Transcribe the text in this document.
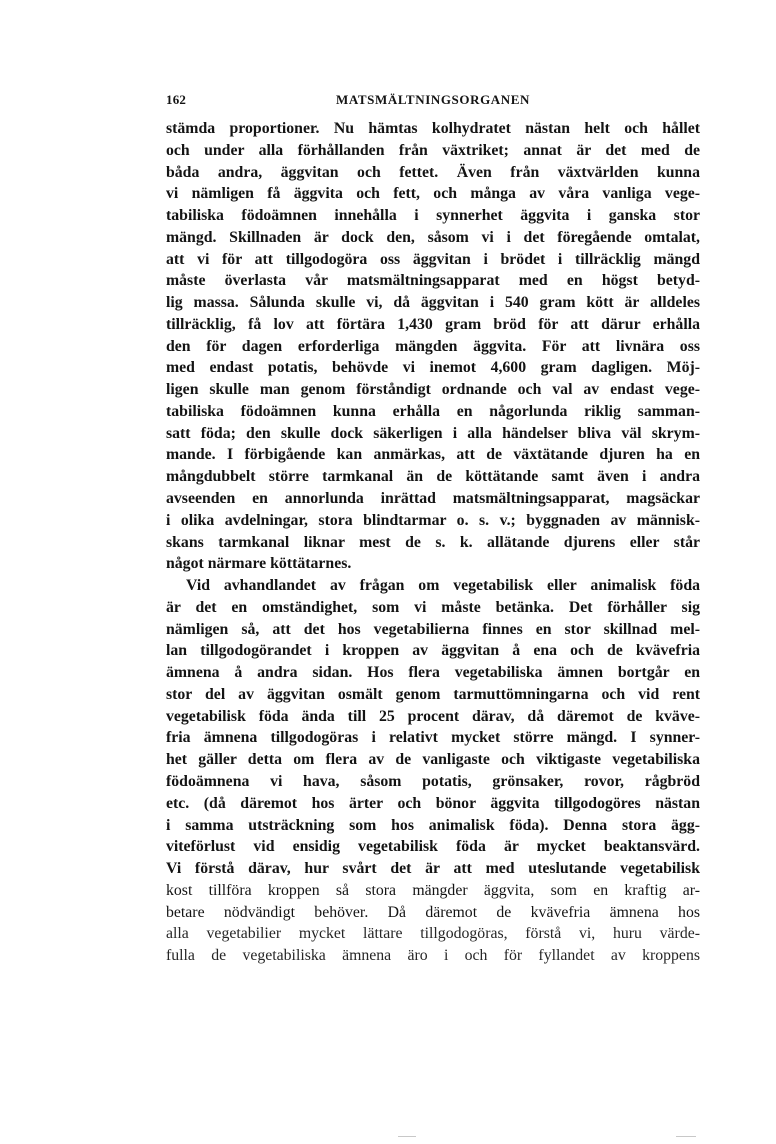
162	MATSMÄLTNINGSORGANEN
stämda proportioner. Nu hämtas kolhydratet nästan helt och hållet
och under alla förhållanden från växtriket; annat är det med de
båda andra, äggvitan och fettet. Även från växtvärlden kunna
vi nämligen få äggvita och fett, och många av våra vanliga vege-
tabiliska födoämnen innehålla i synnerhet äggvita i ganska stor
mängd. Skillnaden är dock den, såsom vi i det föregående omtalat,
att vi för att tillgodogöra oss äggvitan i brödet i tillräcklig mängd
måste överlasta vår matsmältningsapparat med en högst betyd-
lig massa. Sålunda skulle vi, då äggvitan i 540 gram kött är alldeles
tillräcklig, få lov att förtära 1,430 gram bröd för att därur erhålla
den för dagen erforderliga mängden äggvita. För att livnära oss
med endast potatis, behövde vi inemot 4,600 gram dagligen. Möj-
ligen skulle man genom förståndigt ordnande och val av endast vege-
tabiliska födoämnen kunna erhålla en någorlunda riklig samman-
satt föda; den skulle dock säkerligen i alla händelser bliva väl skrym-
mande. I förbigående kan anmärkas, att de växtätande djuren ha en
mångdubbelt större tarmkanal än de köttätande samt även i andra
avseenden en annorlunda inrättad matsmältningsapparat, magsäckar
i olika avdelningar, stora blindtarmar o. s. v.; byggnaden av människ-
skans tarmkanal liknar mest de s. k. allätande djurens eller står
något närmare köttätarnes.
Vid avhandlandet av frågan om vegetabilisk eller animalisk föda
är det en omständighet, som vi måste betänka. Det förhåller sig
nämligen så, att det hos vegetabilierna finnes en stor skillnad mel-
lan tillgodogörandet i kroppen av äggvitan å ena och de kvävefria
ämnena å andra sidan. Hos flera vegetabiliska ämnen bortgår en
stor del av äggvitan osmält genom tarmuttömningarna och vid rent
vegetabilisk föda ända till 25 procent därav, då däremot de kväve-
fria ämnena tillgodogöras i relativt mycket större mängd. I synner-
het gäller detta om flera av de vanligaste och viktigaste vegetabiliska
födoämnena vi hava, såsom potatis, grönsaker, rovor, rågbröd
etc. (då däremot hos ärter och bönor äggvita tillgodogöres nästan
i samma utsträckning som hos animalisk föda). Denna stora ägg-
viteförlust vid ensidig vegetabilisk föda är mycket beaktansvärd.
Vi förstå därav, hur svårt det är att med uteslutande vegetabilisk
kost tillföra kroppen så stora mängder äggvita, som en kraftig ar-
betare nödvändigt behöver. Då däremot de kvävefria ämnena hos
alla vegetabilier mycket lättare tillgodogöras, förstå vi, huru värde-
fulla de vegetabiliska ämnena äro i och för fyllandet av kroppens
